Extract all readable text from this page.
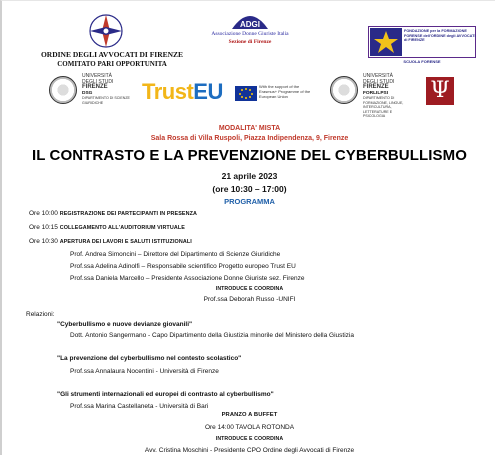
ORDINE DEGLI AVVOCATI DI FIRENZE
COMITATO PARI OPPORTUNITA
ADGI
Associazione Donne Giuriste Italia
Sezione di Firenze
FONDAZIONE per la FORMAZIONE FORENSE dell'ORDINE degli AVVOCATI di FIRENZE
SCUOLA FORENSE
UNIVERSITÀ
DEGLI STUDI
FIRENZE
DSG
DIPARTIMENTO DI SCIENZE GIURIDICHE	TrustEU	With the support of the Erasmus+ Programme of the European Union
UNIVERSITÀ
DEGLI STUDI
FIRENZE
FORLILPSI
DIPARTIMENTO DI FORMAZIONE, LINGUE, INTERCULTURA, LETTERATURE E PSICOLOGIA
Ψ
MODALITA' MISTA
Sala Rossa di Villa Ruspoli, Piazza Indipendenza, 9, Firenze
IL CONTRASTO E LA PREVENZIONE DEL CYBERBULLISMO
21 aprile 2023
(ore 10:30 – 17:00)
PROGRAMMA
Ore 10:00 REGISTRAZIONE DEI PARTECIPANTI IN PRESENZA
Ore 10:15 COLLEGAMENTO ALL'AUDITORIUM VIRTUALE
Ore 10:30 APERTURA DEI LAVORI E SALUTI ISTITUZIONALI
Prof. Andrea Simoncini – Direttore del Dipartimento di Scienze Giuridiche
Prof.ssa Adelina Adinolfi – Responsabile scientifico Progetto europeo Trust EU
Prof.ssa Daniela Marcello – Presidente Associazione Donne Giuriste sez. Firenze
INTRODUCE E COORDINA
Prof.ssa Deborah Russo -UNIFI
Relazioni:
"Cyberbullismo e nuove devianze giovanili"
Dott. Antonio Sangermano - Capo Dipartimento della Giustizia minorile del Ministero della Giustizia
"La prevenzione del cyberbullismo nel contesto scolastico"
Prof.ssa Annalaura Nocentini - Università di Firenze
"Gli strumenti internazionali ed europei di contrasto al cyberbullismo"
Prof.ssa Marina Castellaneta - Università di Bari
PRANZO A BUFFET
Ore 14:00 TAVOLA ROTONDA
INTRODUCE E COORDINA
Avv. Cristina Moschini - Presidente CPO Ordine degli Avvocati di Firenze
